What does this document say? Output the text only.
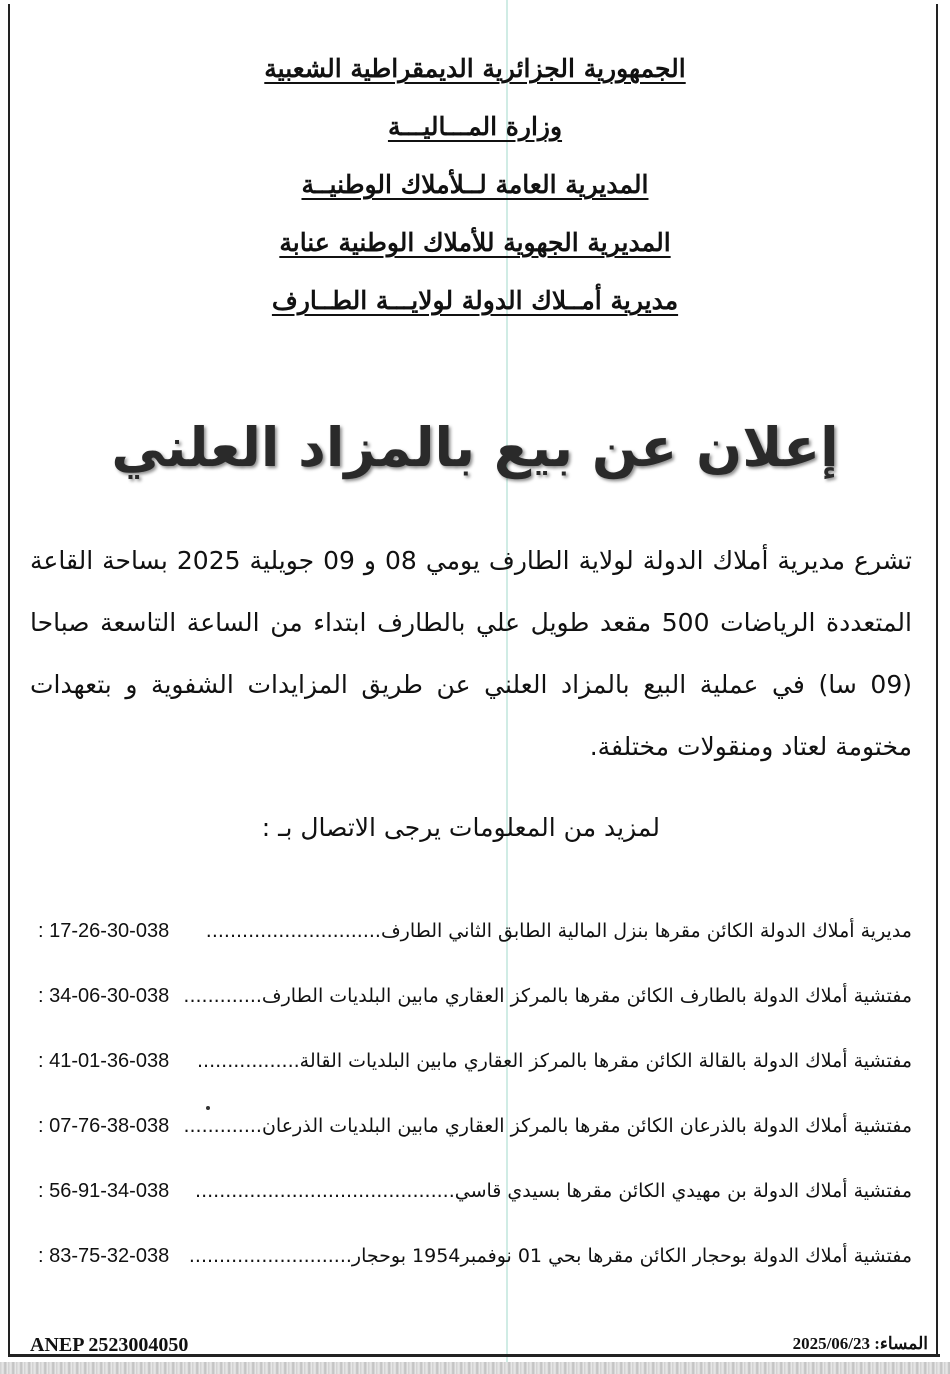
الجمهورية الجزائرية الديمقراطية الشعبية
وزارة المـــاليـــة
المديرية العامة لــلأملاك الوطنيــة
المديرية الجهوية للأملاك الوطنية عنابة
مديرية أمــلاك الدولة لولايـــة الطــارف
إعلان عن بيع بالمزاد العلني
تشرع مديرية أملاك الدولة لولاية الطارف يومي 08 و 09 جويلية 2025 بساحة القاعة المتعددة الرياضات 500 مقعد طويل علي بالطارف ابتداء من الساعة التاسعة صباحا (09 سا) في عملية البيع بالمزاد العلني عن طريق المزايدات الشفوية و بتعهدات مختومة لعتاد ومنقولات مختلفة.
لمزيد من المعلومات يرجى الاتصال بـ :
مديرية أملاك الدولة الكائن مقرها بنزل المالية الطابق الثاني الطارف.............................
: 17-26-30-038
مفتشية أملاك الدولة بالطارف الكائن مقرها بالمركز العقاري مابين البلديات الطارف.............
: 34-06-30-038
مفتشية أملاك الدولة بالقالة الكائن مقرها بالمركز العقاري مابين البلديات القالة.................
: 41-01-36-038
مفتشية أملاك الدولة بالذرعان الكائن مقرها بالمركز العقاري مابين البلديات الذرعان.............
: 07-76-38-038
مفتشية أملاك الدولة بن مهيدي الكائن مقرها بسيدي قاسي...........................................
: 56-91-34-038
مفتشية أملاك الدولة بوحجار الكائن مقرها بحي 01 نوفمبر1954 بوحجار...........................
: 83-75-32-038
ANEP 2523004050	المساء: 2025/06/23
